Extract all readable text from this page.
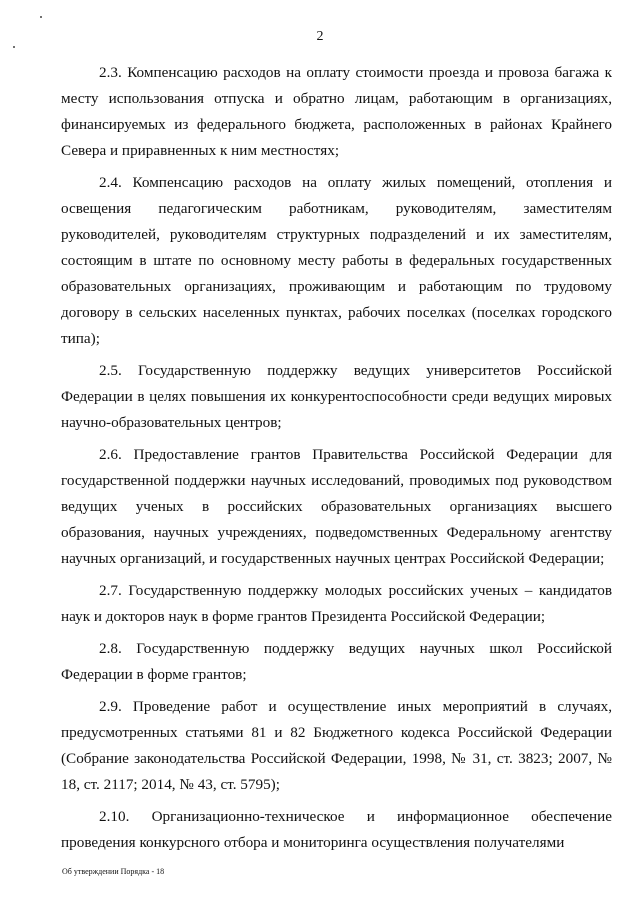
2

2.3. Компенсацию расходов на оплату стоимости проезда и провоза багажа к месту использования отпуска и обратно лицам, работающим в организациях, финансируемых из федерального бюджета, расположенных в районах Крайнего Севера и приравненных к ним местностях;

2.4. Компенсацию расходов на оплату жилых помещений, отопления и освещения педагогическим работникам, руководителям, заместителям руководителей, руководителям структурных подразделений и их заместителям, состоящим в штате по основному месту работы в федеральных государственных образовательных организациях, проживающим и работающим по трудовому договору в сельских населенных пунктах, рабочих поселках (поселках городского типа);

2.5. Государственную поддержку ведущих университетов Российской Федерации в целях повышения их конкурентоспособности среди ведущих мировых научно-образовательных центров;

2.6. Предоставление грантов Правительства Российской Федерации для государственной поддержки научных исследований, проводимых под руководством ведущих ученых в российских образовательных организациях высшего образования, научных учреждениях, подведомственных Федеральному агентству научных организаций, и государственных научных центрах Российской Федерации;

2.7. Государственную поддержку молодых российских ученых – кандидатов наук и докторов наук в форме грантов Президента Российской Федерации;

2.8. Государственную поддержку ведущих научных школ Российской Федерации в форме грантов;

2.9. Проведение работ и осуществление иных мероприятий в случаях, предусмотренных статьями 81 и 82 Бюджетного кодекса Российской Федерации (Собрание законодательства Российской Федерации, 1998, № 31, ст. 3823; 2007, № 18, ст. 2117; 2014, № 43, ст. 5795);

2.10. Организационно-техническое и информационное обеспечение проведения конкурсного отбора и мониторинга осуществления получателями

Об утверждении Порядка - 18
